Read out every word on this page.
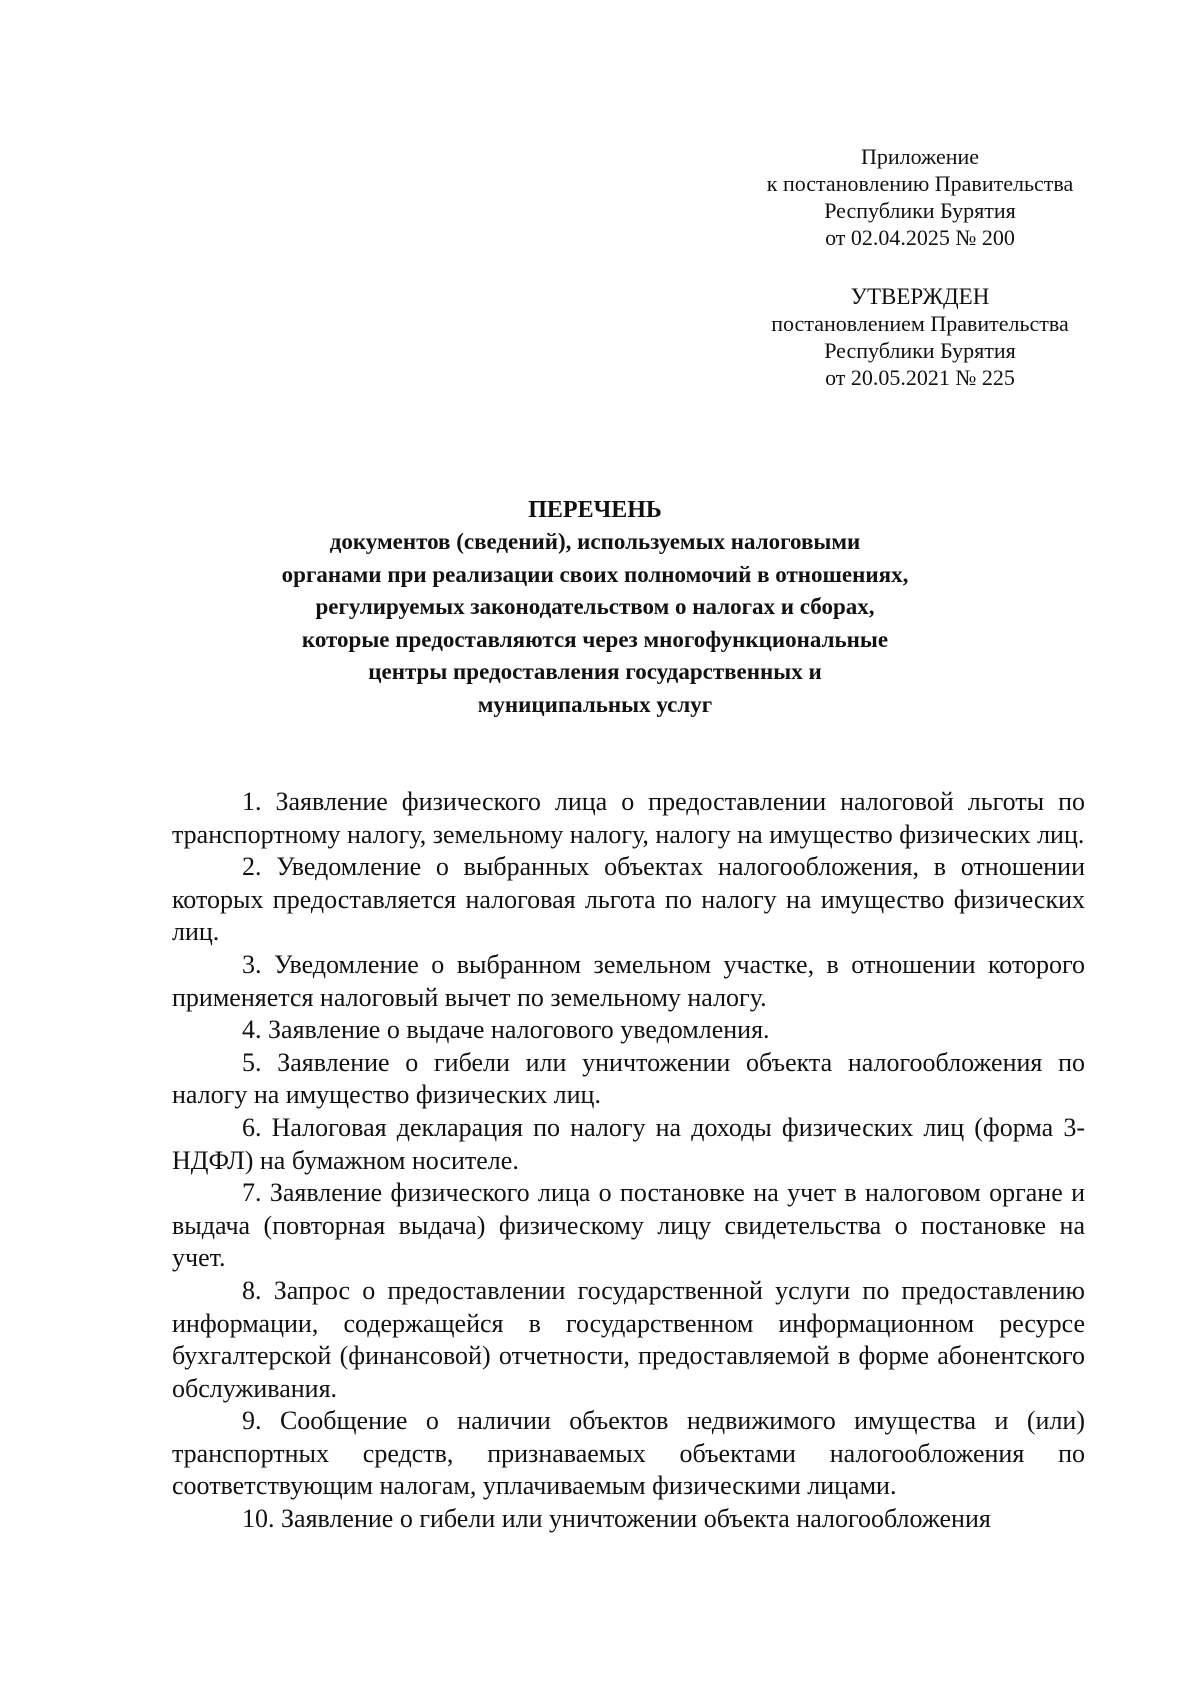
Приложение
к постановлению Правительства
Республики Бурятия
от 02.04.2025 № 200
УТВЕРЖДЕН
постановлением Правительства
Республики Бурятия
от 20.05.2021 № 225
ПЕРЕЧЕНЬ
документов (сведений), используемых налоговыми
органами при реализации своих полномочий в отношениях,
регулируемых законодательством о налогах и сборах,
которые предоставляются через многофункциональные
центры предоставления государственных и
муниципальных услуг

1. Заявление физического лица о предоставлении налоговой льготы по транспортному налогу, земельному налогу, налогу на имущество физических лиц.

2. Уведомление о выбранных объектах налогообложения, в отношении которых предоставляется налоговая льгота по налогу на имущество физических лиц.

3. Уведомление о выбранном земельном участке, в отношении которого применяется налоговый вычет по земельному налогу.

4. Заявление о выдаче налогового уведомления.

5. Заявление о гибели или уничтожении объекта налогообложения по налогу на имущество физических лиц.

6. Налоговая декларация по налогу на доходы физических лиц (форма 3-НДФЛ) на бумажном носителе.

7. Заявление физического лица о постановке на учет в налоговом органе и выдача (повторная выдача) физическому лицу свидетельства о постановке на учет.

8. Запрос о предоставлении государственной услуги по предоставлению информации, содержащейся в государственном информационном ресурсе бухгалтерской (финансовой) отчетности, предоставляемой в форме абонентского обслуживания.

9. Сообщение о наличии объектов недвижимого имущества и (или) транспортных средств, признаваемых объектами налогообложения по соответствующим налогам, уплачиваемым физическими лицами.

10. Заявление о гибели или уничтожении объекта налогообложения
